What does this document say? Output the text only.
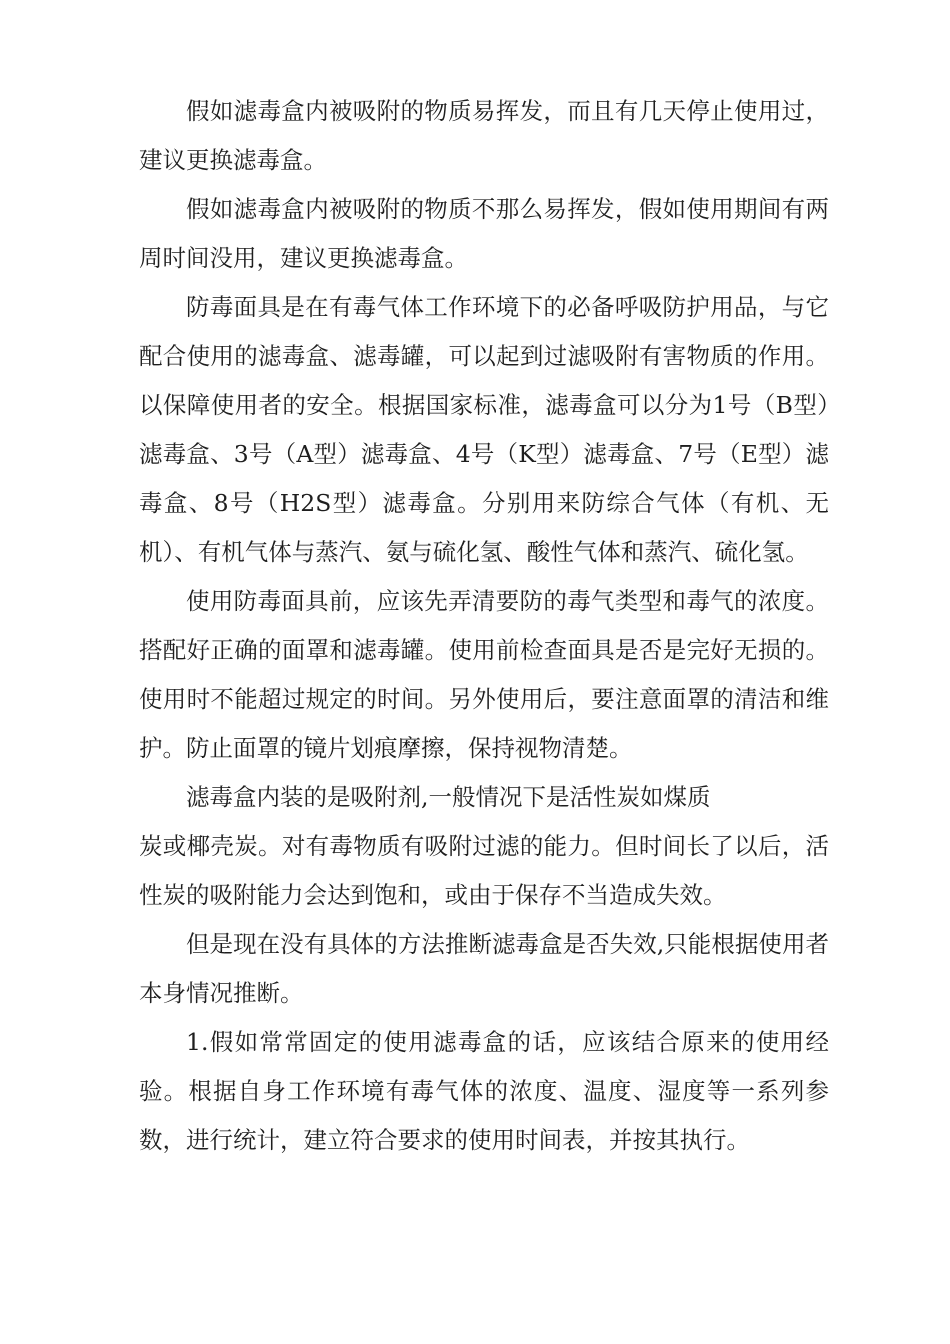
假如滤毒盒内被吸附的物质易挥发，而且有几天停止使用过，建议更换滤毒盒。

假如滤毒盒内被吸附的物质不那么易挥发，假如使用期间有两周时间没用，建议更换滤毒盒。

防毒面具是在有毒气体工作环境下的必备呼吸防护用品，与它配合使用的滤毒盒、滤毒罐，可以起到过滤吸附有害物质的作用。以保障使用者的安全。根据国家标准，滤毒盒可以分为1号（B型）滤毒盒、3号（A型）滤毒盒、4号（K型）滤毒盒、7号（E型）滤毒盒、8号（H2S型）滤毒盒。分别用来防综合气体（有机、无机）、有机气体与蒸汽、氨与硫化氢、酸性气体和蒸汽、硫化氢。

使用防毒面具前，应该先弄清要防的毒气类型和毒气的浓度。搭配好正确的面罩和滤毒罐。使用前检查面具是否是完好无损的。使用时不能超过规定的时间。另外使用后，要注意面罩的清洁和维护。防止面罩的镜片划痕摩擦，保持视物清楚。

滤毒盒内装的是吸附剂,一般情况下是活性炭如煤质
炭或椰壳炭。对有毒物质有吸附过滤的能力。但时间长了以后，活性炭的吸附能力会达到饱和，或由于保存不当造成失效。

但是现在没有具体的方法推断滤毒盒是否失效,只能根据使用者本身情况推断。

1.假如常常固定的使用滤毒盒的话，应该结合原来的使用经验。根据自身工作环境有毒气体的浓度、温度、湿度等一系列参数，进行统计，建立符合要求的使用时间表，并按其执行。
